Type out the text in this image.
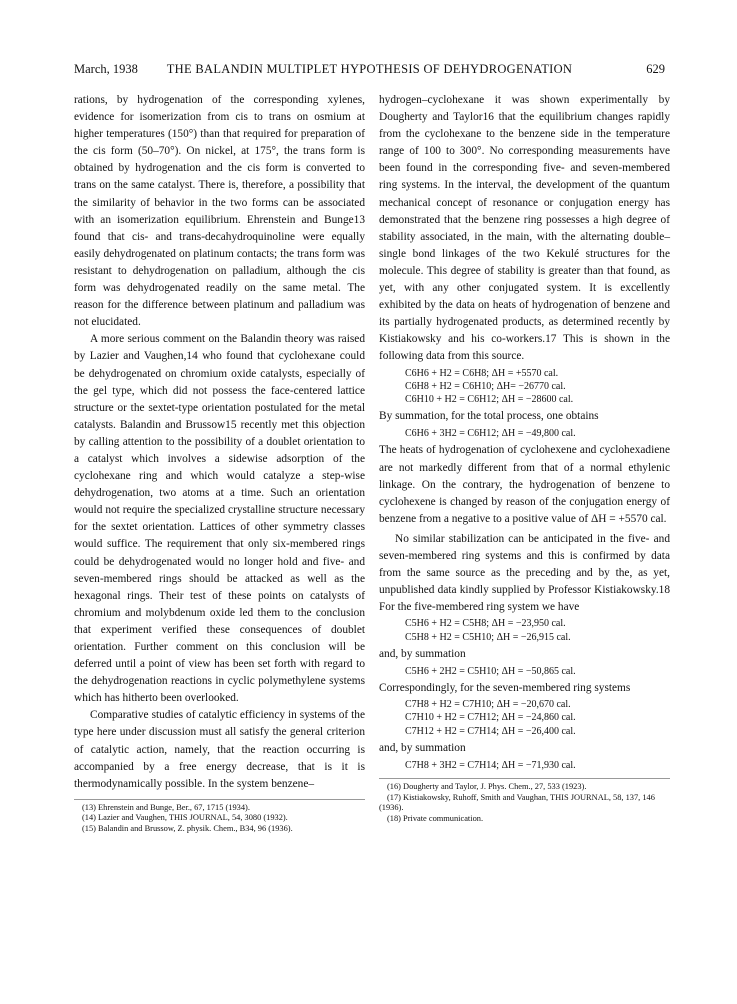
March, 1938	THE BALANDIN MULTIPLET HYPOTHESIS OF DEHYDROGENATION	629

rations, by hydrogenation of the corresponding xylenes, evidence for isomerization from cis to trans on osmium at higher temperatures (150°) than that required for preparation of the cis form (50–70°). On nickel, at 175°, the trans form is obtained by hydrogenation and the cis form is converted to trans on the same catalyst. There is, therefore, a possibility that the similarity of behavior in the two forms can be associated with an isomerization equilibrium. Ehrenstein and Bunge13 found that cis- and trans-decahydroquinoline were equally easily dehydrogenated on platinum contacts; the trans form was resistant to dehydrogenation on palladium, although the cis form was dehydrogenated readily on the same metal. The reason for the difference between platinum and palladium was not elucidated.

A more serious comment on the Balandin theory was raised by Lazier and Vaughen,14 who found that cyclohexane could be dehydrogenated on chromium oxide catalysts, especially of the gel type, which did not possess the face-centered lattice structure or the sextet-type orientation postulated for the metal catalysts. Balandin and Brussow15 recently met this objection by calling attention to the possibility of a doublet orientation to a catalyst which involves a sidewise adsorption of the cyclohexane ring and which would catalyze a step-wise dehydrogenation, two atoms at a time. Such an orientation would not require the specialized crystalline structure necessary for the sextet orientation. Lattices of other symmetry classes would suffice. The requirement that only six-membered rings could be dehydrogenated would no longer hold and five- and seven-membered rings should be attacked as well as the hexagonal rings. Their test of these points on catalysts of chromium and molybdenum oxide led them to the conclusion that experiment verified these consequences of doublet orientation. Further comment on this conclusion will be deferred until a point of view has been set forth with regard to the dehydrogenation reactions in cyclic polymethylene systems which has hitherto been overlooked.

Comparative studies of catalytic efficiency in systems of the type here under discussion must all satisfy the general criterion of catalytic action, namely, that the reaction occurring is accompanied by a free energy decrease, that is it is thermodynamically possible. In the system benzene–

(13) Ehrenstein and Bunge, Ber., 67, 1715 (1934).
(14) Lazier and Vaughen, THIS JOURNAL, 54, 3080 (1932).
(15) Balandin and Brussow, Z. physik. Chem., B34, 96 (1936).

hydrogen–cyclohexane it was shown experimentally by Dougherty and Taylor16 that the equilibrium changes rapidly from the cyclohexane to the benzene side in the temperature range of 100 to 300°. No corresponding measurements have been found in the corresponding five- and seven-membered ring systems. In the interval, the development of the quantum mechanical concept of resonance or conjugation energy has demonstrated that the benzene ring possesses a high degree of stability associated, in the main, with the alternating double–single bond linkages of the two Kekulé structures for the molecule. This degree of stability is greater than that found, as yet, with any other conjugated system. It is excellently exhibited by the data on heats of hydrogenation of benzene and its partially hydrogenated products, as determined recently by Kistiakowsky and his co-workers.17 This is shown in the following data from this source.

C6H6 + H2 = C6H8; ΔH = +5570 cal.
C6H8 + H2 = C6H10; ΔH= −26770 cal.
C6H10 + H2 = C6H12; ΔH = −28600 cal.

By summation, for the total process, one obtains

C6H6 + 3H2 = C6H12; ΔH = −49,800 cal.

The heats of hydrogenation of cyclohexene and cyclohexadiene are not markedly different from that of a normal ethylenic linkage. On the contrary, the hydrogenation of benzene to cyclohexene is changed by reason of the conjugation energy of benzene from a negative to a positive value of ΔH = +5570 cal.

No similar stabilization can be anticipated in the five- and seven-membered ring systems and this is confirmed by data from the same source as the preceding and by the, as yet, unpublished data kindly supplied by Professor Kistiakowsky.18 For the five-membered ring system we have

C5H6 + H2 = C5H8; ΔH = −23,950 cal.
C5H8 + H2 = C5H10; ΔH = −26,915 cal.

and, by summation

C5H6 + 2H2 = C5H10; ΔH = −50,865 cal.

Correspondingly, for the seven-membered ring systems

C7H8 + H2 = C7H10; ΔH = −20,670 cal.
C7H10 + H2 = C7H12; ΔH = −24,860 cal.
C7H12 + H2 = C7H14; ΔH = −26,400 cal.

and, by summation

C7H8 + 3H2 = C7H14; ΔH = −71,930 cal.
(16) Dougherty and Taylor, J. Phys. Chem., 27, 533 (1923).
(17) Kistiakowsky, Ruhoff, Smith and Vaughan, THIS JOURNAL, 58, 137, 146 (1936).
(18) Private communication.
